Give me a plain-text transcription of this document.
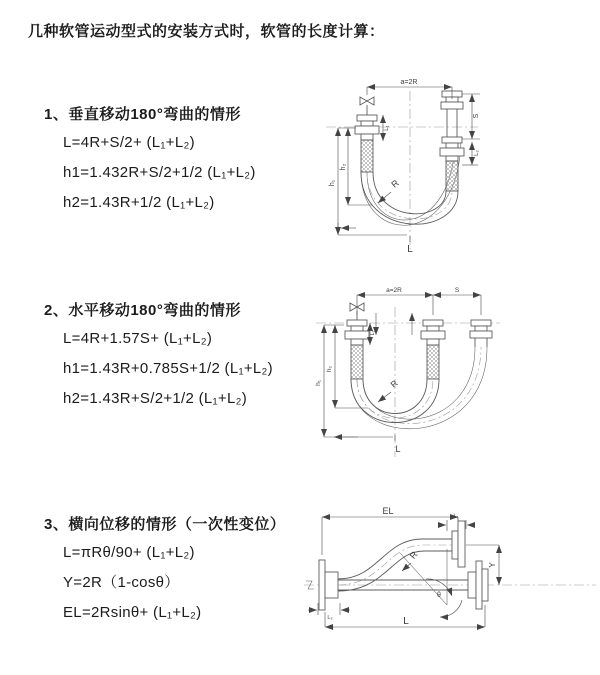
几种软管运动型式的安装方式时，软管的长度计算：
1、垂直移动180°弯曲的情形
L=4R+S/2+ (L₁+L₂)
h1=1.432R+S/2+1/2 (L₁+L₂)
h2=1.43R+1/2 (L₁+L₂)
a=2R
h₁
h₂
L₁
S
L₂
R
L
2、水平移动180°弯曲的情形
L=4R+1.57S+ (L₁+L₂)
h1=1.43R+0.785S+1/2 (L₁+L₂)
h2=1.43R+S/2+1/2 (L₁+L₂)
a=2R	S
h₁
h₂
L₁
R
L
3、横向位移的情形（一次性变位）
L=πRθ/90+ (L₁+L₂)
Y=2R（1-cosθ）
EL=2Rsinθ+ (L₁+L₂)
EL
L₁
Y
R
θ
L
L₂
